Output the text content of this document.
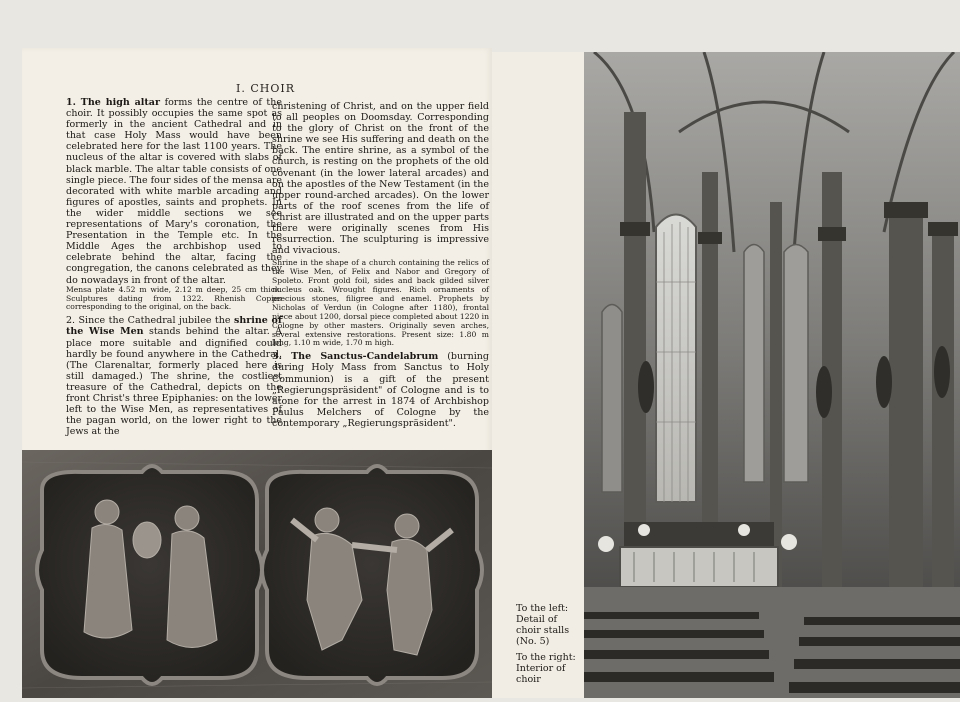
I. CHOIR

1. The high altar forms the centre of the choir. It possibly occupies the same spot as formerly in the ancient Cathedral and in that case Holy Mass would have been celebrated here for the last 1100 years. The nucleus of the altar is covered with slabs of black marble. The altar table consists of one single piece. The four sides of the mensa are decorated with white marble arcading and figures of apostles, saints and prophets. In the wider middle sections we see representations of Mary's coronation, the Presentation in the Temple etc. In the Middle Ages the archbishop used to celebrate behind the altar, facing the congregation, the canons celebrated as they do nowadays in front of the altar.

Mensa plate 4.52 m wide, 2.12 m deep, 25 cm thick. Sculptures dating from 1322. Rhenish Copies corresponding to the original, on the back.

2. Since the Cathedral jubilee the shrine of the Wise Men stands behind the altar. A place more suitable and dignified could hardly be found anywhere in the Cathedral. (The Clarenaltar, formerly placed here is still damaged.) The shrine, the costliest treasure of the Cathedral, depicts on the front Christ's three Epiphanies: on the lower left to the Wise Men, as representatives of the pagan world, on the lower right to the Jews at the

christening of Christ, and on the upper field to all peoples on Doomsday. Corresponding to the glory of Christ on the front of the shrine we see His suffering and death on the back. The entire shrine, as a symbol of the church, is resting on the prophets of the old covenant (in the lower lateral arcades) and on the apostles of the New Testament (in the upper round-arched arcades). On the lower parts of the roof scenes from the life of Christ are illustrated and on the upper parts there were originally scenes from His resurrection. The sculpturing is impressive and vivacious.

Shrine in the shape of a church containing the relics of the Wise Men, of Felix and Nabor and Gregory of Spoleto. Front gold foil, sides and back gilded silver nucleus oak. Wrought figures. Rich ornaments of precious stones, filigree and enamel. Prophets by Nicholas of Verdun (in Cologne after 1180), frontal piece about 1200, dorsal piece completed about 1220 in Cologne by other masters. Originally seven arches, several extensive restorations. Present size: 1.80 m long, 1.10 m wide, 1.70 m high.

3. The Sanctus-Candelabrum (burning during Holy Mass from Sanctus to Holy Communion) is a gift of the present „Regierungspräsident" of Cologne and is to atone for the arrest in 1874 of Archbishop Paulus Melchers of Cologne by the contemporary „Regierungspräsident".

To the left:
Detail of choir stalls (No. 5)
To the right:
Interior of choir
